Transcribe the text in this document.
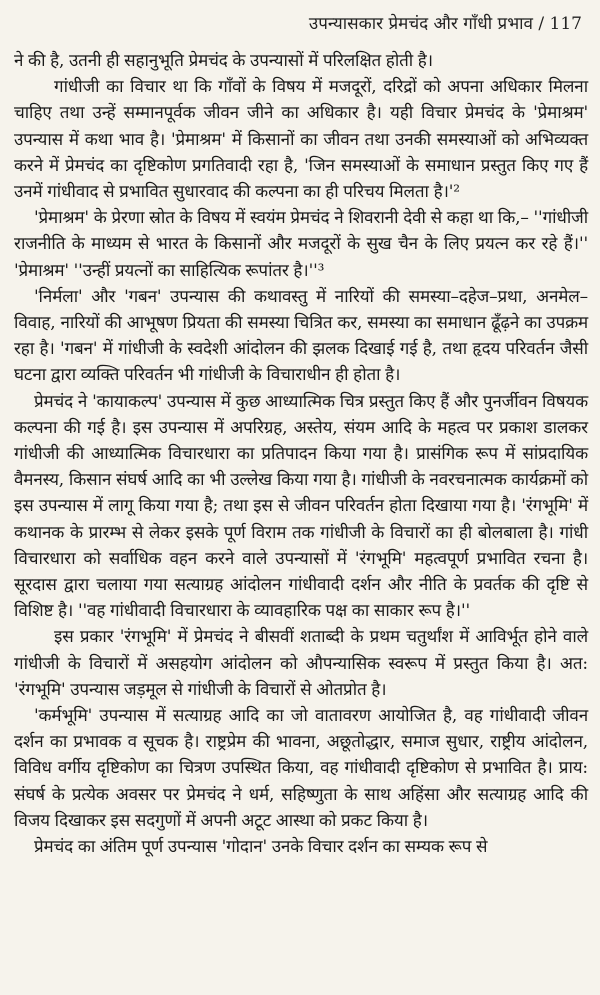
उपन्यासकार प्रेमचंद और गाँधी प्रभाव / 117

ने की है, उतनी ही सहानुभूति प्रेमचंद के उपन्यासों में परिलक्षित होती है।

गांधीजी का विचार था कि गाँवों के विषय में मजदूरों, दरिद्रों को अपना अधिकार मिलना चाहिए तथा उन्हें सम्मानपूर्वक जीवन जीने का अधिकार है। यही विचार प्रेमचंद के 'प्रेमाश्रम' उपन्यास में कथा भाव है। 'प्रेमाश्रम' में किसानों का जीवन तथा उनकी समस्याओं को अभिव्यक्त करने में प्रेमचंद का दृष्टिकोण प्रगतिवादी रहा है, 'जिन समस्याओं के समाधान प्रस्तुत किए गए हैं उनमें गांधीवाद से प्रभावित सुधारवाद की कल्पना का ही परिचय मिलता है।'²

'प्रेमाश्रम' के प्रेरणा स्रोत के विषय में स्वयंम प्रेमचंद ने शिवरानी देवी से कहा था कि,– ''गांधीजी राजनीति के माध्यम से भारत के किसानों और मजदूरों के सुख चैन के लिए प्रयत्न कर रहे हैं।'' 'प्रेमाश्रम' ''उन्हीं प्रयत्नों का साहित्यिक रूपांतर है।''³

'निर्मला' और 'गबन' उपन्यास की कथावस्तु में नारियों की समस्या–दहेज–प्रथा, अनमेल–विवाह, नारियों की आभूषण प्रियता की समस्या चित्रित कर, समस्या का समाधान ढूँढ़ने का उपक्रम रहा है। 'गबन' में गांधीजी के स्वदेशी आंदोलन की झलक दिखाई गई है, तथा हृदय परिवर्तन जैसी घटना द्वारा व्यक्ति परिवर्तन भी गांधीजी के विचाराधीन ही होता है।

प्रेमचंद ने 'कायाकल्प' उपन्यास में कुछ आध्यात्मिक चित्र प्रस्तुत किए हैं और पुनर्जीवन विषयक कल्पना की गई है। इस उपन्यास में अपरिग्रह, अस्तेय, संयम आदि के महत्व पर प्रकाश डालकर गांधीजी की आध्यात्मिक विचारधारा का प्रतिपादन किया गया है। प्रासंगिक रूप में सांप्रदायिक वैमनस्य, किसान संघर्ष आदि का भी उल्लेख किया गया है। गांधीजी के नवरचनात्मक कार्यक्रमों को इस उपन्यास में लागू किया गया है; तथा इस से जीवन परिवर्तन होता दिखाया गया है। 'रंगभूमि' में कथानक के प्रारम्भ से लेकर इसके पूर्ण विराम तक गांधीजी के विचारों का ही बोलबाला है। गांधी विचारधारा को सर्वाधिक वहन करने वाले उपन्यासों में 'रंगभूमि' महत्वपूर्ण प्रभावित रचना है। सूरदास द्वारा चलाया गया सत्याग्रह आंदोलन गांधीवादी दर्शन और नीति के प्रवर्तक की दृष्टि से विशिष्ट है। ''वह गांधीवादी विचारधारा के व्यावहारिक पक्ष का साकार रूप है।''

इस प्रकार 'रंगभूमि' में प्रेमचंद ने बीसवीं शताब्दी के प्रथम चतुर्थांश में आविर्भूत होने वाले गांधीजी के विचारों में असहयोग आंदोलन को औपन्यासिक स्वरूप में प्रस्तुत किया है। अत: 'रंगभूमि' उपन्यास जड़मूल से गांधीजी के विचारों से ओतप्रोत है।

'कर्मभूमि' उपन्यास में सत्याग्रह आदि का जो वातावरण आयोजित है, वह गांधीवादी जीवन दर्शन का प्रभावक व सूचक है। राष्ट्रप्रेम की भावना, अछूतोद्धार, समाज सुधार, राष्ट्रीय आंदोलन, विविध वर्गीय दृष्टिकोण का चित्रण उपस्थित किया, वह गांधीवादी दृष्टिकोण से प्रभावित है। प्राय: संघर्ष के प्रत्येक अवसर पर प्रेमचंद ने धर्म, सहिष्णुता के साथ अहिंसा और सत्याग्रह आदि की विजय दिखाकर इस सदगुणों में अपनी अटूट आस्था को प्रकट किया है।

प्रेमचंद का अंतिम पूर्ण उपन्यास 'गोदान' उनके विचार दर्शन का सम्यक रूप से
